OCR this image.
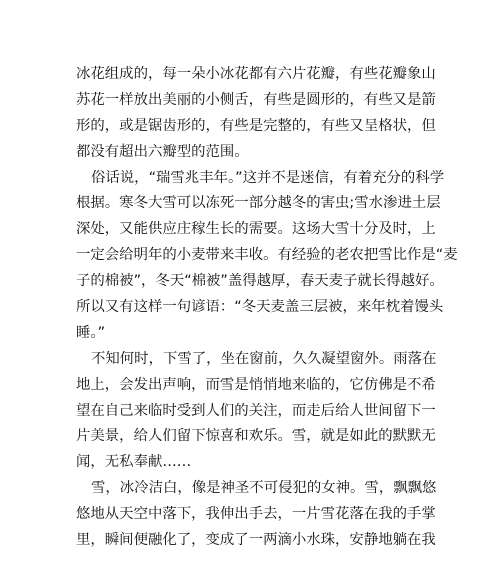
冰花组成的，每一朵小冰花都有六片花瓣，有些花瓣象山
苏花一样放出美丽的小侧舌，有些是圆形的，有些又是箭
形的，或是锯齿形的，有些是完整的，有些又呈格状，但
都没有超出六瓣型的范围。
俗话说，“瑞雪兆丰年。”这并不是迷信，有着充分的科学
根据。寒冬大雪可以冻死一部分越冬的害虫;雪水渗进土层
深处，又能供应庄稼生长的需要。这场大雪十分及时，上
一定会给明年的小麦带来丰收。有经验的老农把雪比作是“麦
子的棉被”，冬天“棉被”盖得越厚，春天麦子就长得越好。
所以又有这样一句谚语：“冬天麦盖三层被，来年枕着馒头
睡。”
不知何时，下雪了，坐在窗前，久久凝望窗外。雨落在
地上，会发出声响，而雪是悄悄地来临的，它仿佛是不希
望在自己来临时受到人们的关注，而走后给人世间留下一
片美景，给人们留下惊喜和欢乐。雪，就是如此的默默无
闻，无私奉献……
雪，冰冷洁白，像是神圣不可侵犯的女神。雪，飘飘悠
悠地从天空中落下，我伸出手去，一片雪花落在我的手掌
里，瞬间便融化了，变成了一两滴小水珠，安静地躺在我
